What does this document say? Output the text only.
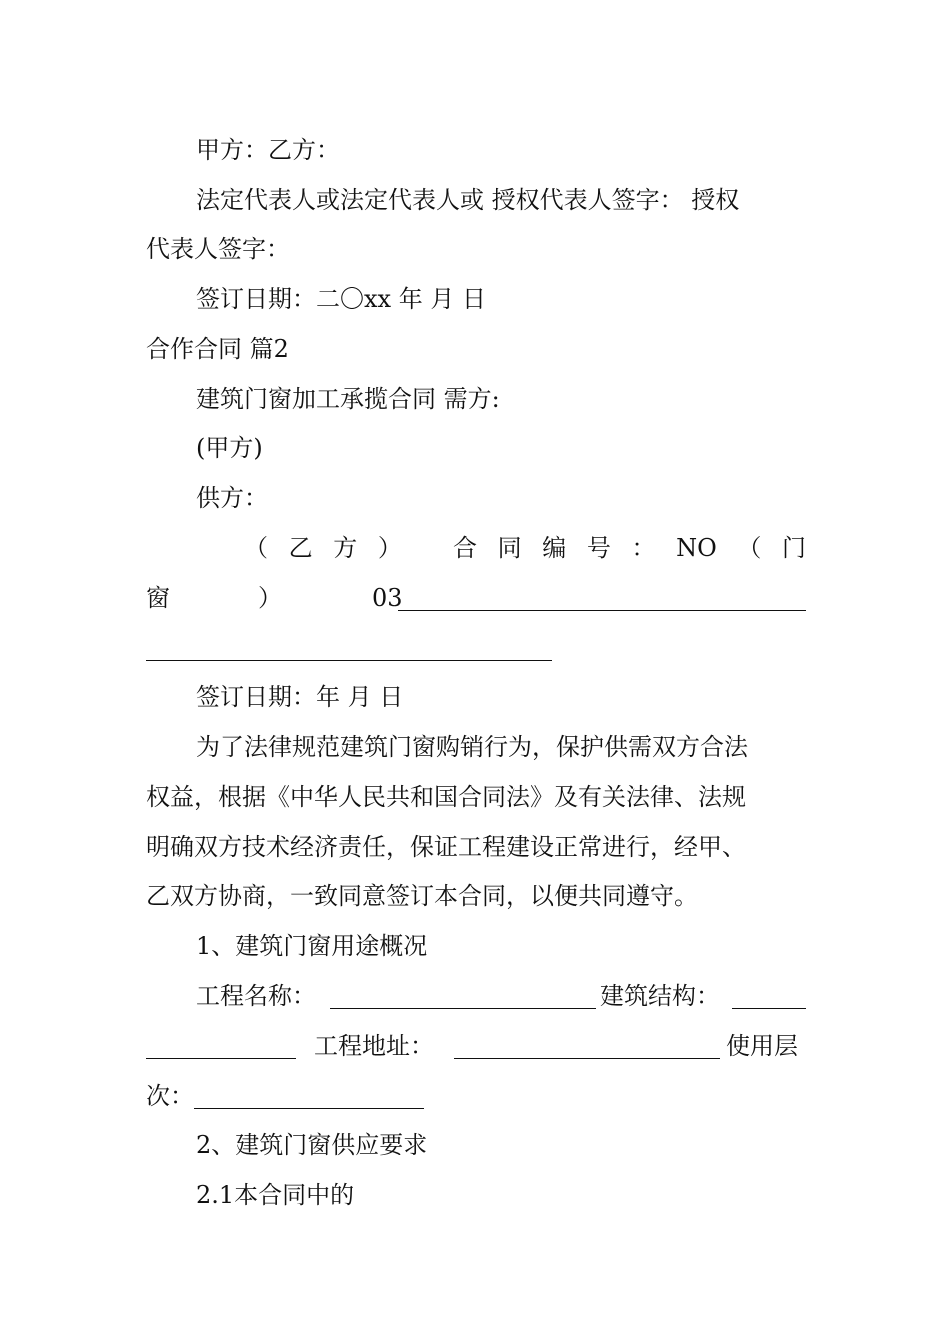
甲方：乙方：
法定代表人或法定代表人或 授权代表人签字： 授权
代表人签字：
签订日期：二〇xx 年 月 日
合作合同 篇2
建筑门窗加工承揽合同 需方:
(甲方)
供方：
（ 乙 方 ） 合 同 编 号 ： NO （ 门
窗	）	03
签订日期：年 月 日
为了法律规范建筑门窗购销行为，保护供需双方合法
权益，根据《中华人民共和国合同法》及有关法律、法规
明确双方技术经济责任，保证工程建设正常进行，经甲、
乙双方协商，一致同意签订本合同，以便共同遵守。
1、建筑门窗用途概况
工程名称：	建筑结构：
工程地址：	使用层
次：
2、建筑门窗供应要求
2.1本合同中的
